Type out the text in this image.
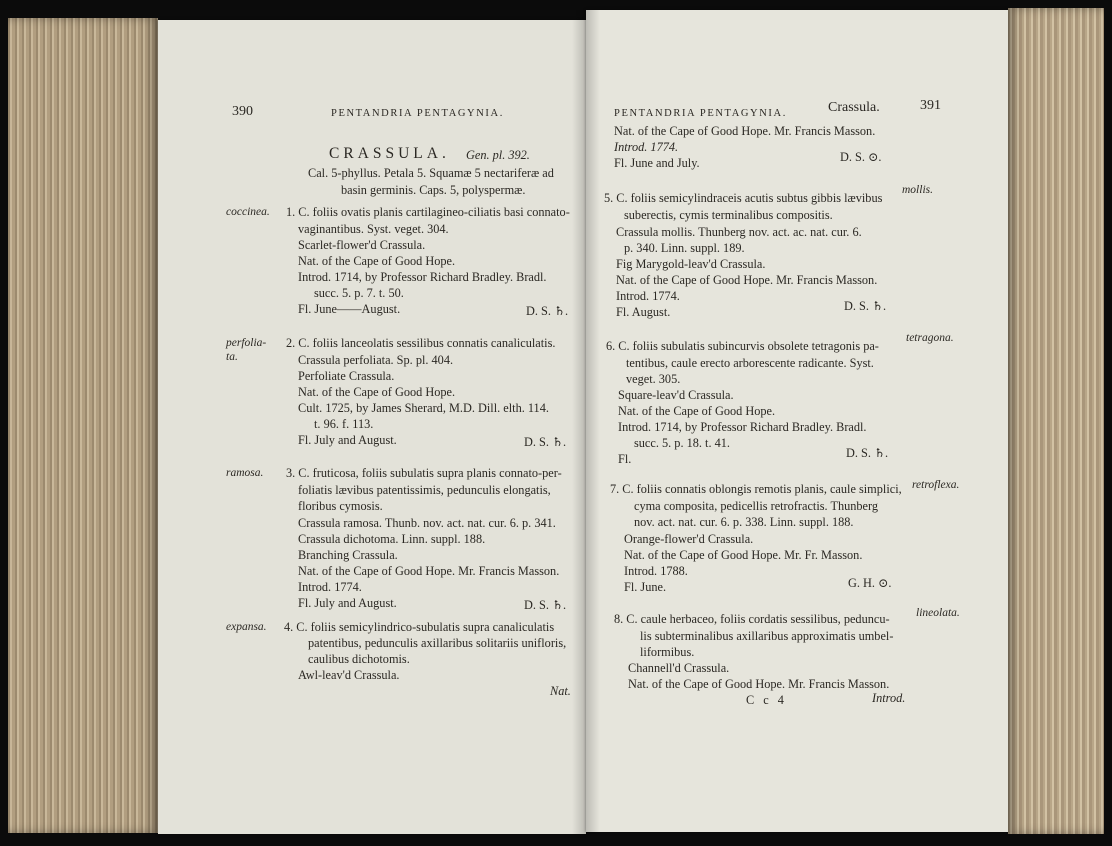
390	PENTANDRIA PENTAGYNIA.
CRASSULA. Gen. pl. 392.
Cal. 5-phyllus. Petala 5. Squamæ 5 nectariferæ ad
basin germinis. Caps. 5, polyspermæ.
coccinea. 1. C. foliis ovatis planis cartilagineo-ciliatis basi connato-
vaginantibus. Syst. veget. 304.
Scarlet-flower'd Crassula.
Nat. of the Cape of Good Hope.
Introd. 1714, by Professor Richard Bradley. Bradl.
succ. 5. p. 7. t. 50.
Fl. June——August.	D. S. ♄.
perfolia-
ta.
2. C. foliis lanceolatis sessilibus connatis canaliculatis.
Crassula perfoliata. Sp. pl. 404.
Perfoliate Crassula.
Nat. of the Cape of Good Hope.
Cult. 1725, by James Sherard, M.D. Dill. elth. 114.
t. 96. f. 113.
Fl. July and August.	D. S. ♄.
ramosa. 3. C. fruticosa, foliis subulatis supra planis connato-per-
foliatis lævibus patentissimis, pedunculis elongatis,
floribus cymosis.
Crassula ramosa. Thunb. nov. act. nat. cur. 6. p. 341.
Crassula dichotoma. Linn. suppl. 188.
Branching Crassula.
Nat. of the Cape of Good Hope. Mr. Francis Masson.
Introd. 1774.
Fl. July and August.	D. S. ♄.
expansa. 4. C. foliis semicylindrico-subulatis supra canaliculatis
patentibus, pedunculis axillaribus solitariis unifloris,
caulibus dichotomis.
Awl-leav'd Crassula.
Nat.
PENTANDRIA PENTAGYNIA.	Crassula.	391
Nat. of the Cape of Good Hope. Mr. Francis Masson.
Introd. 1774.
Fl. June and July.	D. S. ⊙.
5. C. foliis semicylindraceis acutis subtus gibbis lævibus
mollis.
suberectis, cymis terminalibus compositis.
Crassula mollis. Thunberg nov. act. ac. nat. cur. 6.
p. 340. Linn. suppl. 189.
Fig Marygold-leav'd Crassula.
Nat. of the Cape of Good Hope. Mr. Francis Masson.
Introd. 1774.
Fl. August.	D. S. ♄.
6. C. foliis subulatis subincurvis obsolete tetragonis pa-
tetragona.
tentibus, caule erecto arborescente radicante. Syst.
veget. 305.
Square-leav'd Crassula.
Nat. of the Cape of Good Hope.
Introd. 1714, by Professor Richard Bradley. Bradl.
succ. 5. p. 18. t. 41.
Fl.	D. S. ♄.
7. C. foliis connatis oblongis remotis planis, caule simplici, retroflexa.
cyma composita, pedicellis retrofractis. Thunberg
nov. act. nat. cur. 6. p. 338. Linn. suppl. 188.
Orange-flower'd Crassula.
Nat. of the Cape of Good Hope. Mr. Fr. Masson.
Introd. 1788.
Fl. June.	G. H. ⊙.
8. C. caule herbaceo, foliis cordatis sessilibus, peduncu- lineolata.
lis subterminalibus axillaribus approximatis umbel-
liformibus.
Channell'd Crassula.
Nat. of the Cape of Good Hope. Mr. Francis Masson.
C c 4	Introd.
